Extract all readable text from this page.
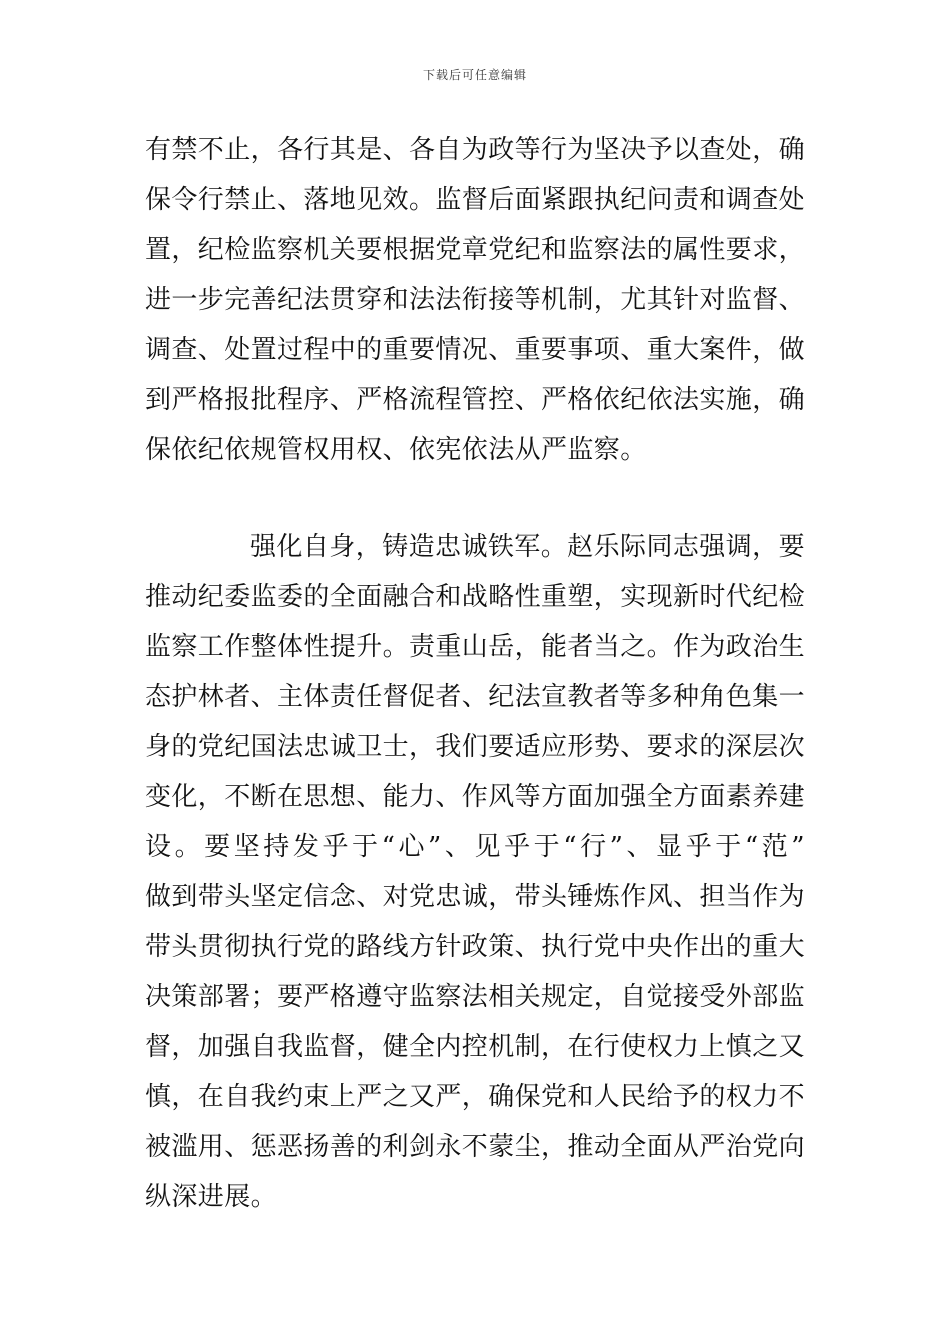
下载后可任意编辑
有禁不止，各行其是、各自为政等行为坚决予以查处，确
保令行禁止、落地见效。监督后面紧跟执纪问责和调查处
置，纪检监察机关要根据党章党纪和监察法的属性要求，
进一步完善纪法贯穿和法法衔接等机制，尤其针对监督、
调查、处置过程中的重要情况、重要事项、重大案件，做
到严格报批程序、严格流程管控、严格依纪依法实施，确
保依纪依规管权用权、依宪依法从严监察。
强化自身，铸造忠诚铁军。赵乐际同志强调，要
推动纪委监委的全面融合和战略性重塑，实现新时代纪检
监察工作整体性提升。责重山岳，能者当之。作为政治生
态护林者、主体责任督促者、纪法宣教者等多种角色集一
身的党纪国法忠诚卫士，我们要适应形势、要求的深层次
变化，不断在思想、能力、作风等方面加强全方面素养建
设。要坚持发乎于“心”、见乎于“行”、显乎于“范”
做到带头坚定信念、对党忠诚，带头锤炼作风、担当作为
带头贯彻执行党的路线方针政策、执行党中央作出的重大
决策部署；要严格遵守监察法相关规定，自觉接受外部监
督，加强自我监督，健全内控机制，在行使权力上慎之又
慎，在自我约束上严之又严，确保党和人民给予的权力不
被滥用、惩恶扬善的利剑永不蒙尘，推动全面从严治党向
纵深进展。
